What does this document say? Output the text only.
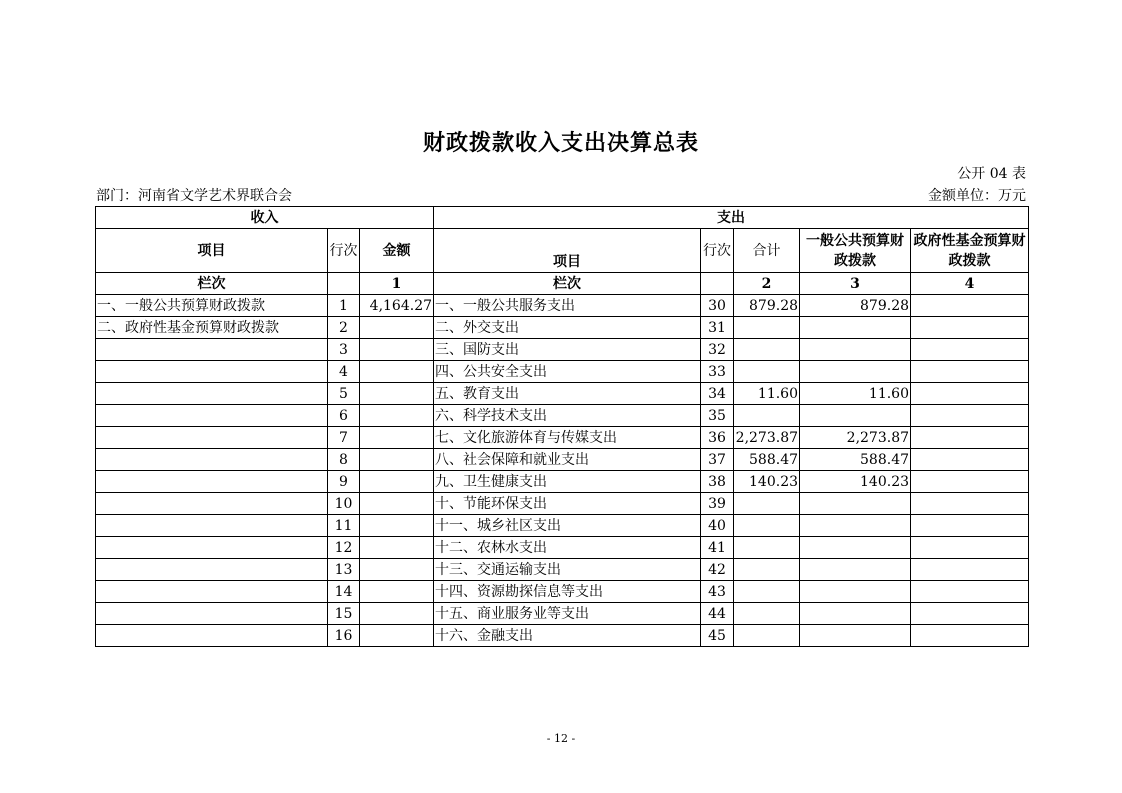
财政拨款收入支出决算总表
公开 04 表
部门：河南省文学艺术界联合会	金额单位：万元
收入			支出				
项目	行次	金额	项目	行次	合计	一般公共预算财政拨款	政府性基金预算财政拨款
栏次		1	栏次		2	3	4
一、一般公共预算财政拨款	1	4,164.27	一、一般公共服务支出	30	879.28	879.28	
二、政府性基金预算财政拨款	2		二、外交支出	31			
	3		三、国防支出	32			
	4		四、公共安全支出	33			
	5		五、教育支出	34	11.60	11.60	
	6		六、科学技术支出	35			
	7		七、文化旅游体育与传媒支出	36	2,273.87	2,273.87	
	8		八、社会保障和就业支出	37	588.47	588.47	
	9		九、卫生健康支出	38	140.23	140.23	
	10		十、节能环保支出	39			
	11		十一、城乡社区支出	40			
	12		十二、农林水支出	41			
	13		十三、交通运输支出	42			
	14		十四、资源勘探信息等支出	43			
	15		十五、商业服务业等支出	44			
	16		十六、金融支出	45			
- 12 -
